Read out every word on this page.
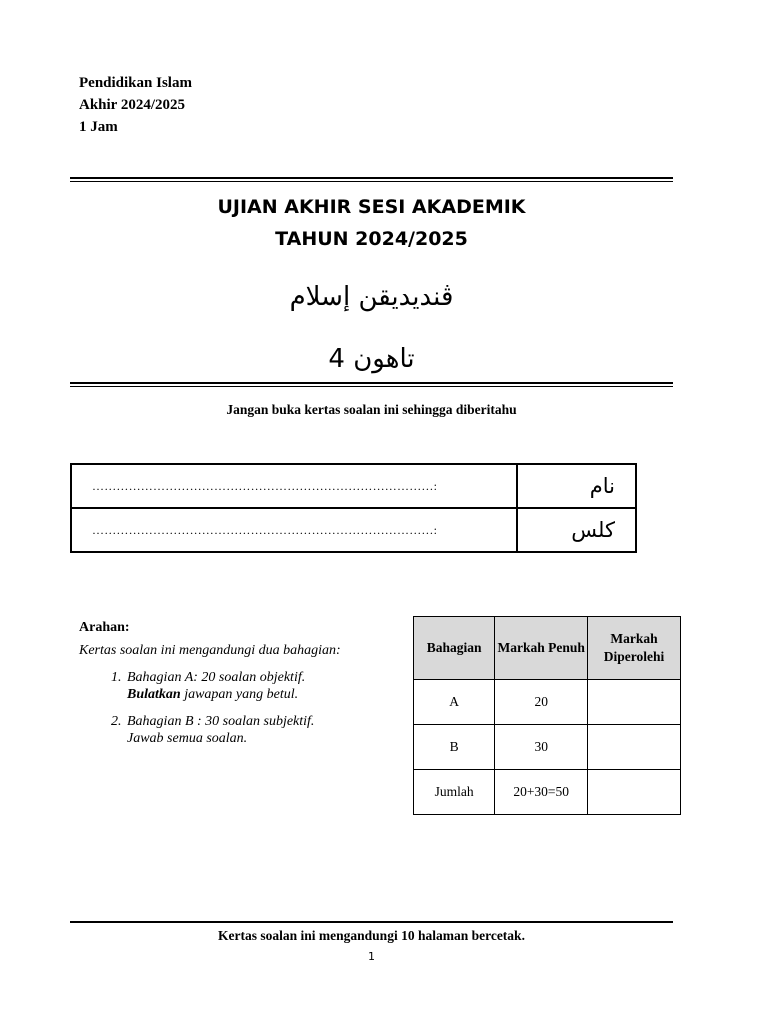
Pendidikan Islam
Akhir 2024/2025
1 Jam
UJIAN AKHIR SESI AKADEMIK
TAHUN 2024/2025
ڤنديديقن إسلام
تاهون 4
Jangan buka kertas soalan ini sehingga diberitahu
…………………………………………………………………………:	نام
…………………………………………………………………………:	كلس
Arahan:
Kertas soalan ini mengandungi dua bahagian:
1. Bahagian A: 20 soalan objektif.
Bulatkan jawapan yang betul.
2. Bahagian B : 30 soalan subjektif.
Jawab semua soalan.
Bahagian	Markah Penuh	Markah Diperolehi
A	20	
B	30	
Jumlah	20+30=50	
Kertas soalan ini mengandungi 10 halaman bercetak.
1
